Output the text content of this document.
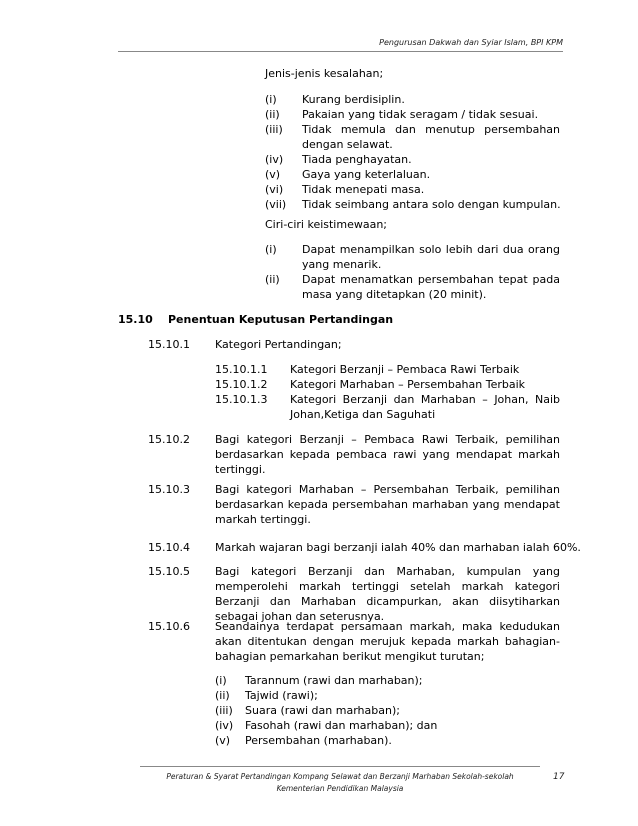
Pengurusan Dakwah dan Syiar Islam, BPI KPM
Jenis-jenis kesalahan;
(i) Kurang berdisiplin.
(ii) Pakaian yang tidak seragam / tidak sesuai.
(iii) Tidak memula dan menutup persembahan dengan selawat.
(iv) Tiada penghayatan.
(v) Gaya yang keterlaluan.
(vi) Tidak menepati masa.
(vii) Tidak seimbang antara solo dengan kumpulan.
Ciri-ciri keistimewaan;
(i) Dapat menampilkan solo lebih dari dua orang yang menarik.
(ii) Dapat menamatkan persembahan tepat pada masa yang ditetapkan (20 minit).
15.10 Penentuan Keputusan Pertandingan
15.10.1 Kategori Pertandingan;
15.10.1.1 Kategori Berzanji – Pembaca Rawi Terbaik
15.10.1.2 Kategori Marhaban – Persembahan Terbaik
15.10.1.3 Kategori Berzanji dan Marhaban – Johan, Naib Johan,Ketiga dan Saguhati
15.10.2 Bagi kategori Berzanji – Pembaca Rawi Terbaik, pemilihan berdasarkan kepada pembaca rawi yang mendapat markah tertinggi.
15.10.3 Bagi kategori Marhaban – Persembahan Terbaik, pemilihan berdasarkan kepada persembahan marhaban yang mendapat markah tertinggi.
15.10.4 Markah wajaran bagi berzanji ialah 40% dan marhaban ialah 60%.
15.10.5 Bagi kategori Berzanji dan Marhaban, kumpulan yang memperolehi markah tertinggi setelah markah kategori Berzanji dan Marhaban dicampurkan, akan diisytiharkan sebagai johan dan seterusnya.
15.10.6 Seandainya terdapat persamaan markah, maka kedudukan akan ditentukan dengan merujuk kepada markah bahagian-bahagian pemarkahan berikut mengikut turutan;
(i) Tarannum (rawi dan marhaban);
(ii) Tajwid (rawi);
(iii) Suara (rawi dan marhaban);
(iv) Fasohah (rawi dan marhaban); dan
(v) Persembahan (marhaban).
Peraturan & Syarat Pertandingan Kompang Selawat dan Berzanji Marhaban Sekolah-sekolah
Kementerian Pendidikan Malaysia
17
